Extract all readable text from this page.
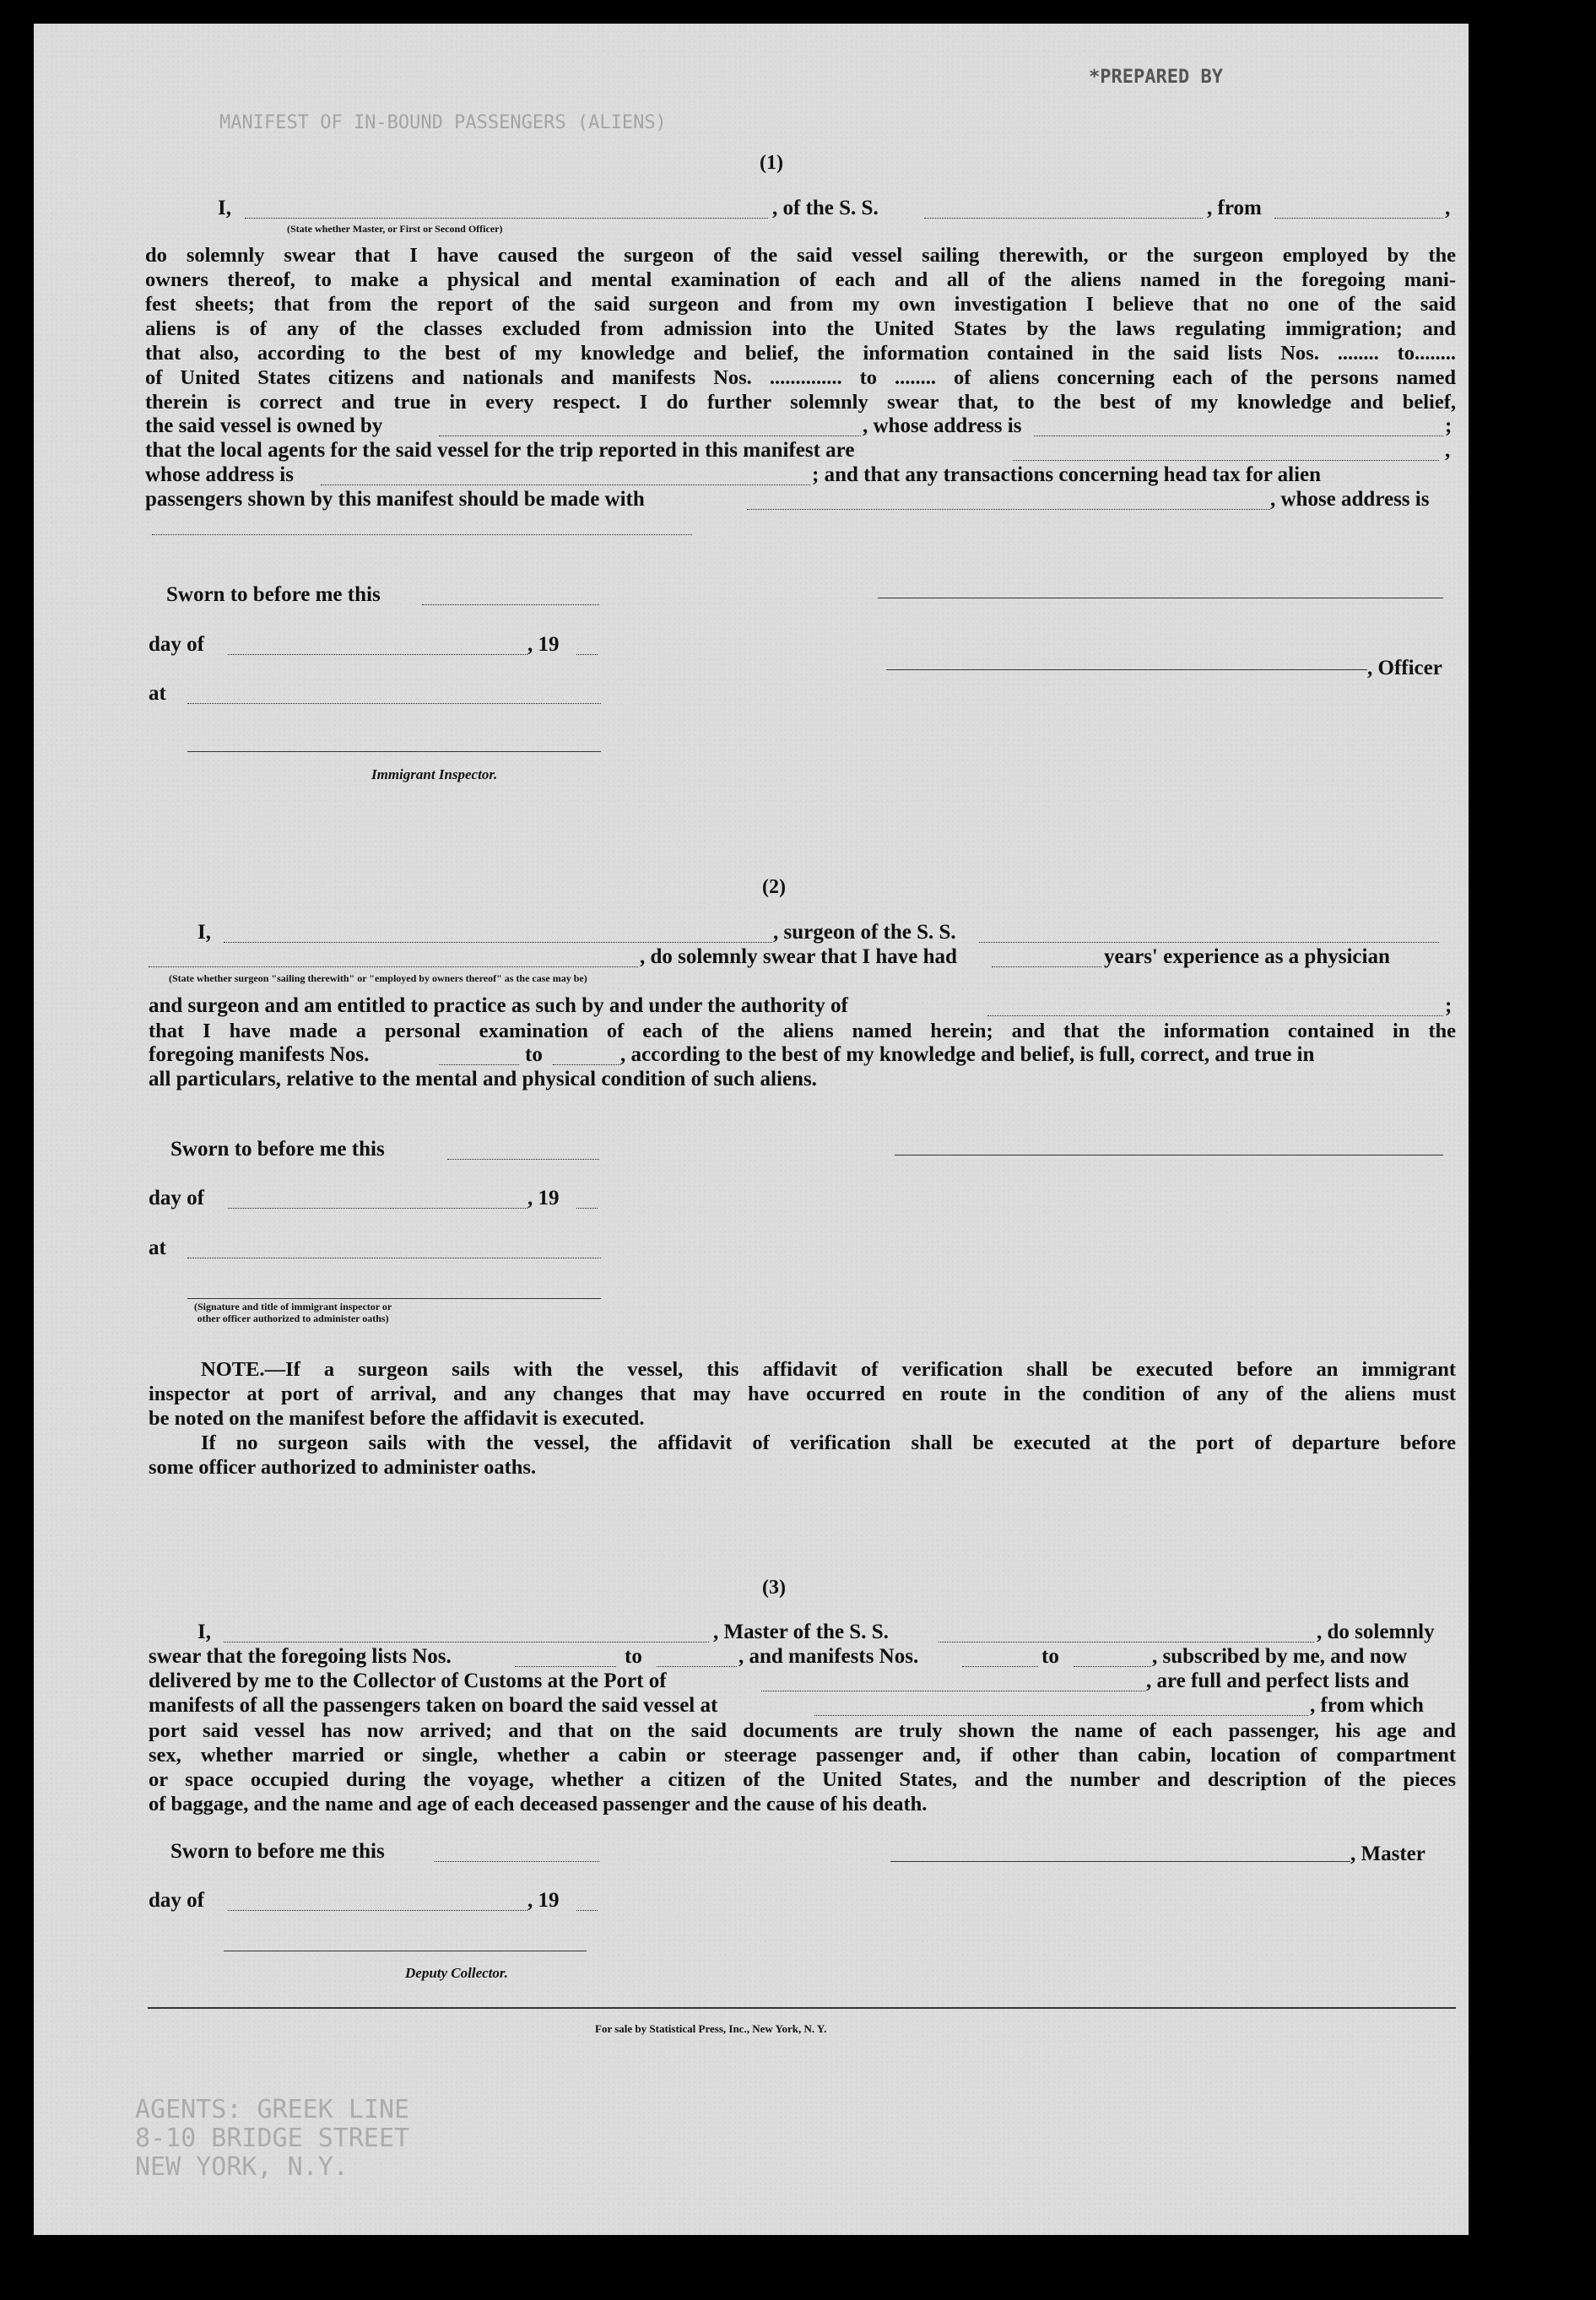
MANIFEST OF IN-BOUND PASSENGERS (ALIENS)
AGENTS: GREEK LINE
8-10 BRIDGE STREET
NEW YORK, N.Y.
*PREPARED BY
(1)
I,	, of the S. S.	, from	,
(State whether Master, or First or Second Officer)
do solemnly swear that I have caused the surgeon of the said vessel sailing therewith, or the surgeon employed by the
owners thereof, to make a physical and mental examination of each and all of the aliens named in the foregoing mani-
fest sheets; that from the report of the said surgeon and from my own investigation I believe that no one of the said
aliens is of any of the classes excluded from admission into the United States by the laws regulating immigration; and
that also, according to the best of my knowledge and belief, the information contained in the said lists Nos. ........ to........
of United States citizens and nationals and manifests Nos. .............. to ........ of aliens concerning each of the persons named
therein is correct and true in every respect. I do further solemnly swear that, to the best of my knowledge and belief,
the said vessel is owned by	, whose address is	;
that the local agents for the said vessel for the trip reported in this manifest are	,
whose address is	; and that any transactions concerning head tax for alien
passengers shown by this manifest should be made with	, whose address is
Sworn to before me this
day of	, 19
, Officer
at
Immigrant Inspector.
(2)
I,	, surgeon of the S. S.
, do solemnly swear that I have had	years' experience as a physician
(State whether surgeon "sailing therewith" or "employed by owners thereof" as the case may be)
and surgeon and am entitled to practice as such by and under the authority of	;
that I have made a personal examination of each of the aliens named herein; and that the information contained in the
foregoing manifests Nos.	to	, according to the best of my knowledge and belief, is full, correct, and true in
all particulars, relative to the mental and physical condition of such aliens.
Sworn to before me this
day of	, 19
at
(Signature and title of immigrant inspector or
other officer authorized to administer oaths)
NOTE.—If a surgeon sails with the vessel, this affidavit of verification shall be executed before an immigrant
inspector at port of arrival, and any changes that may have occurred en route in the condition of any of the aliens must
be noted on the manifest before the affidavit is executed.
If no surgeon sails with the vessel, the affidavit of verification shall be executed at the port of departure before
some officer authorized to administer oaths.
(3)
I,	, Master of the S. S.	, do solemnly
swear that the foregoing lists Nos.	to	, and manifests Nos.	to	, subscribed by me, and now
delivered by me to the Collector of Customs at the Port of	, are full and perfect lists and
manifests of all the passengers taken on board the said vessel at	, from which
port said vessel has now arrived; and that on the said documents are truly shown the name of each passenger, his age and
sex, whether married or single, whether a cabin or steerage passenger and, if other than cabin, location of compartment
or space occupied during the voyage, whether a citizen of the United States, and the number and description of the pieces
of baggage, and the name and age of each deceased passenger and the cause of his death.
Sworn to before me this	, Master
day of	, 19
Deputy Collector.
For sale by Statistical Press, Inc., New York, N. Y.
